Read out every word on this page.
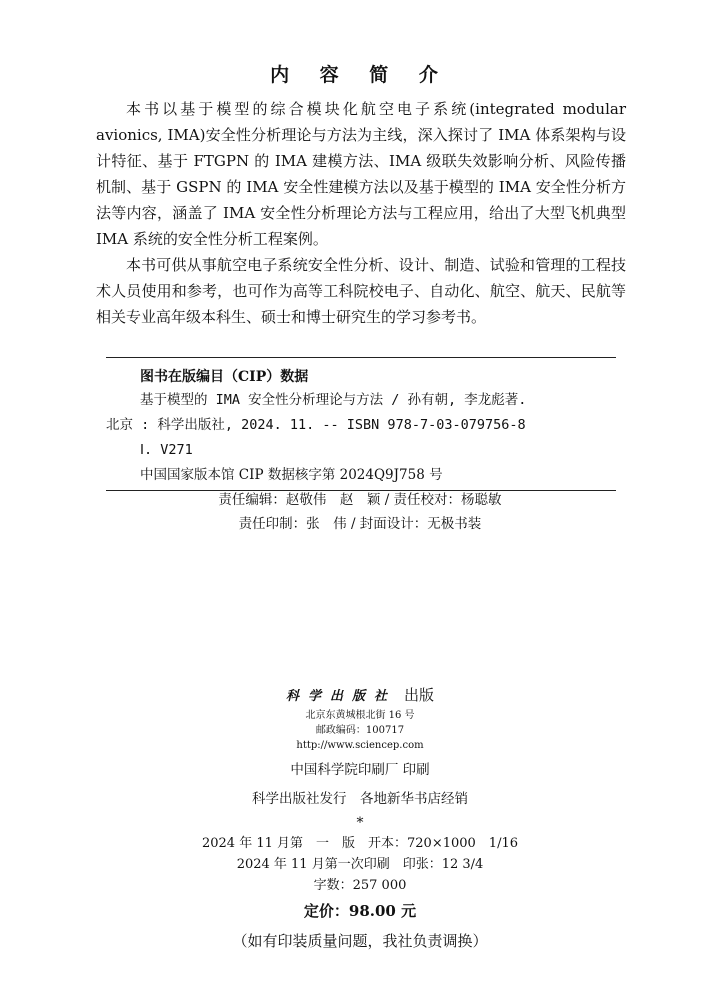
内 容 简 介

本书以基于模型的综合模块化航空电子系统(integrated modular avionics, IMA)安全性分析理论与方法为主线，深入探讨了 IMA 体系架构与设计特征、基于 FTGPN 的 IMA 建模方法、IMA 级联失效影响分析、风险传播机制、基于 GSPN 的 IMA 安全性建模方法以及基于模型的 IMA 安全性分析方法等内容，涵盖了 IMA 安全性分析理论方法与工程应用，给出了大型飞机典型 IMA 系统的安全性分析工程案例。

本书可供从事航空电子系统安全性分析、设计、制造、试验和管理的工程技术人员使用和参考，也可作为高等工科院校电子、自动化、航空、航天、民航等相关专业高年级本科生、硕士和博士研究生的学习参考书。

图书在版编目（CIP）数据
基于模型的 IMA 安全性分析理论与方法 / 孙有朝, 李龙彪著.
北京 : 科学出版社, 2024. 11. -- ISBN 978-7-03-079756-8
Ⅰ. V271
中国国家版本馆 CIP 数据核字第 2024Q9J758 号
责任编辑：赵敬伟　赵　颖 / 责任校对：杨聪敏
责任印制：张　伟 / 封面设计：无极书装
科学出版社 出版
北京东黄城根北街 16 号
邮政编码：100717
http://www.sciencep.com
中国科学院印刷厂 印刷
科学出版社发行　各地新华书店经销
*
2024 年 11 月第　一　版　开本：720×1000　1/16
2024 年 11 月第一次印刷　印张：12 3/4
字数：257 000
定价：98.00 元
（如有印装质量问题，我社负责调换）
